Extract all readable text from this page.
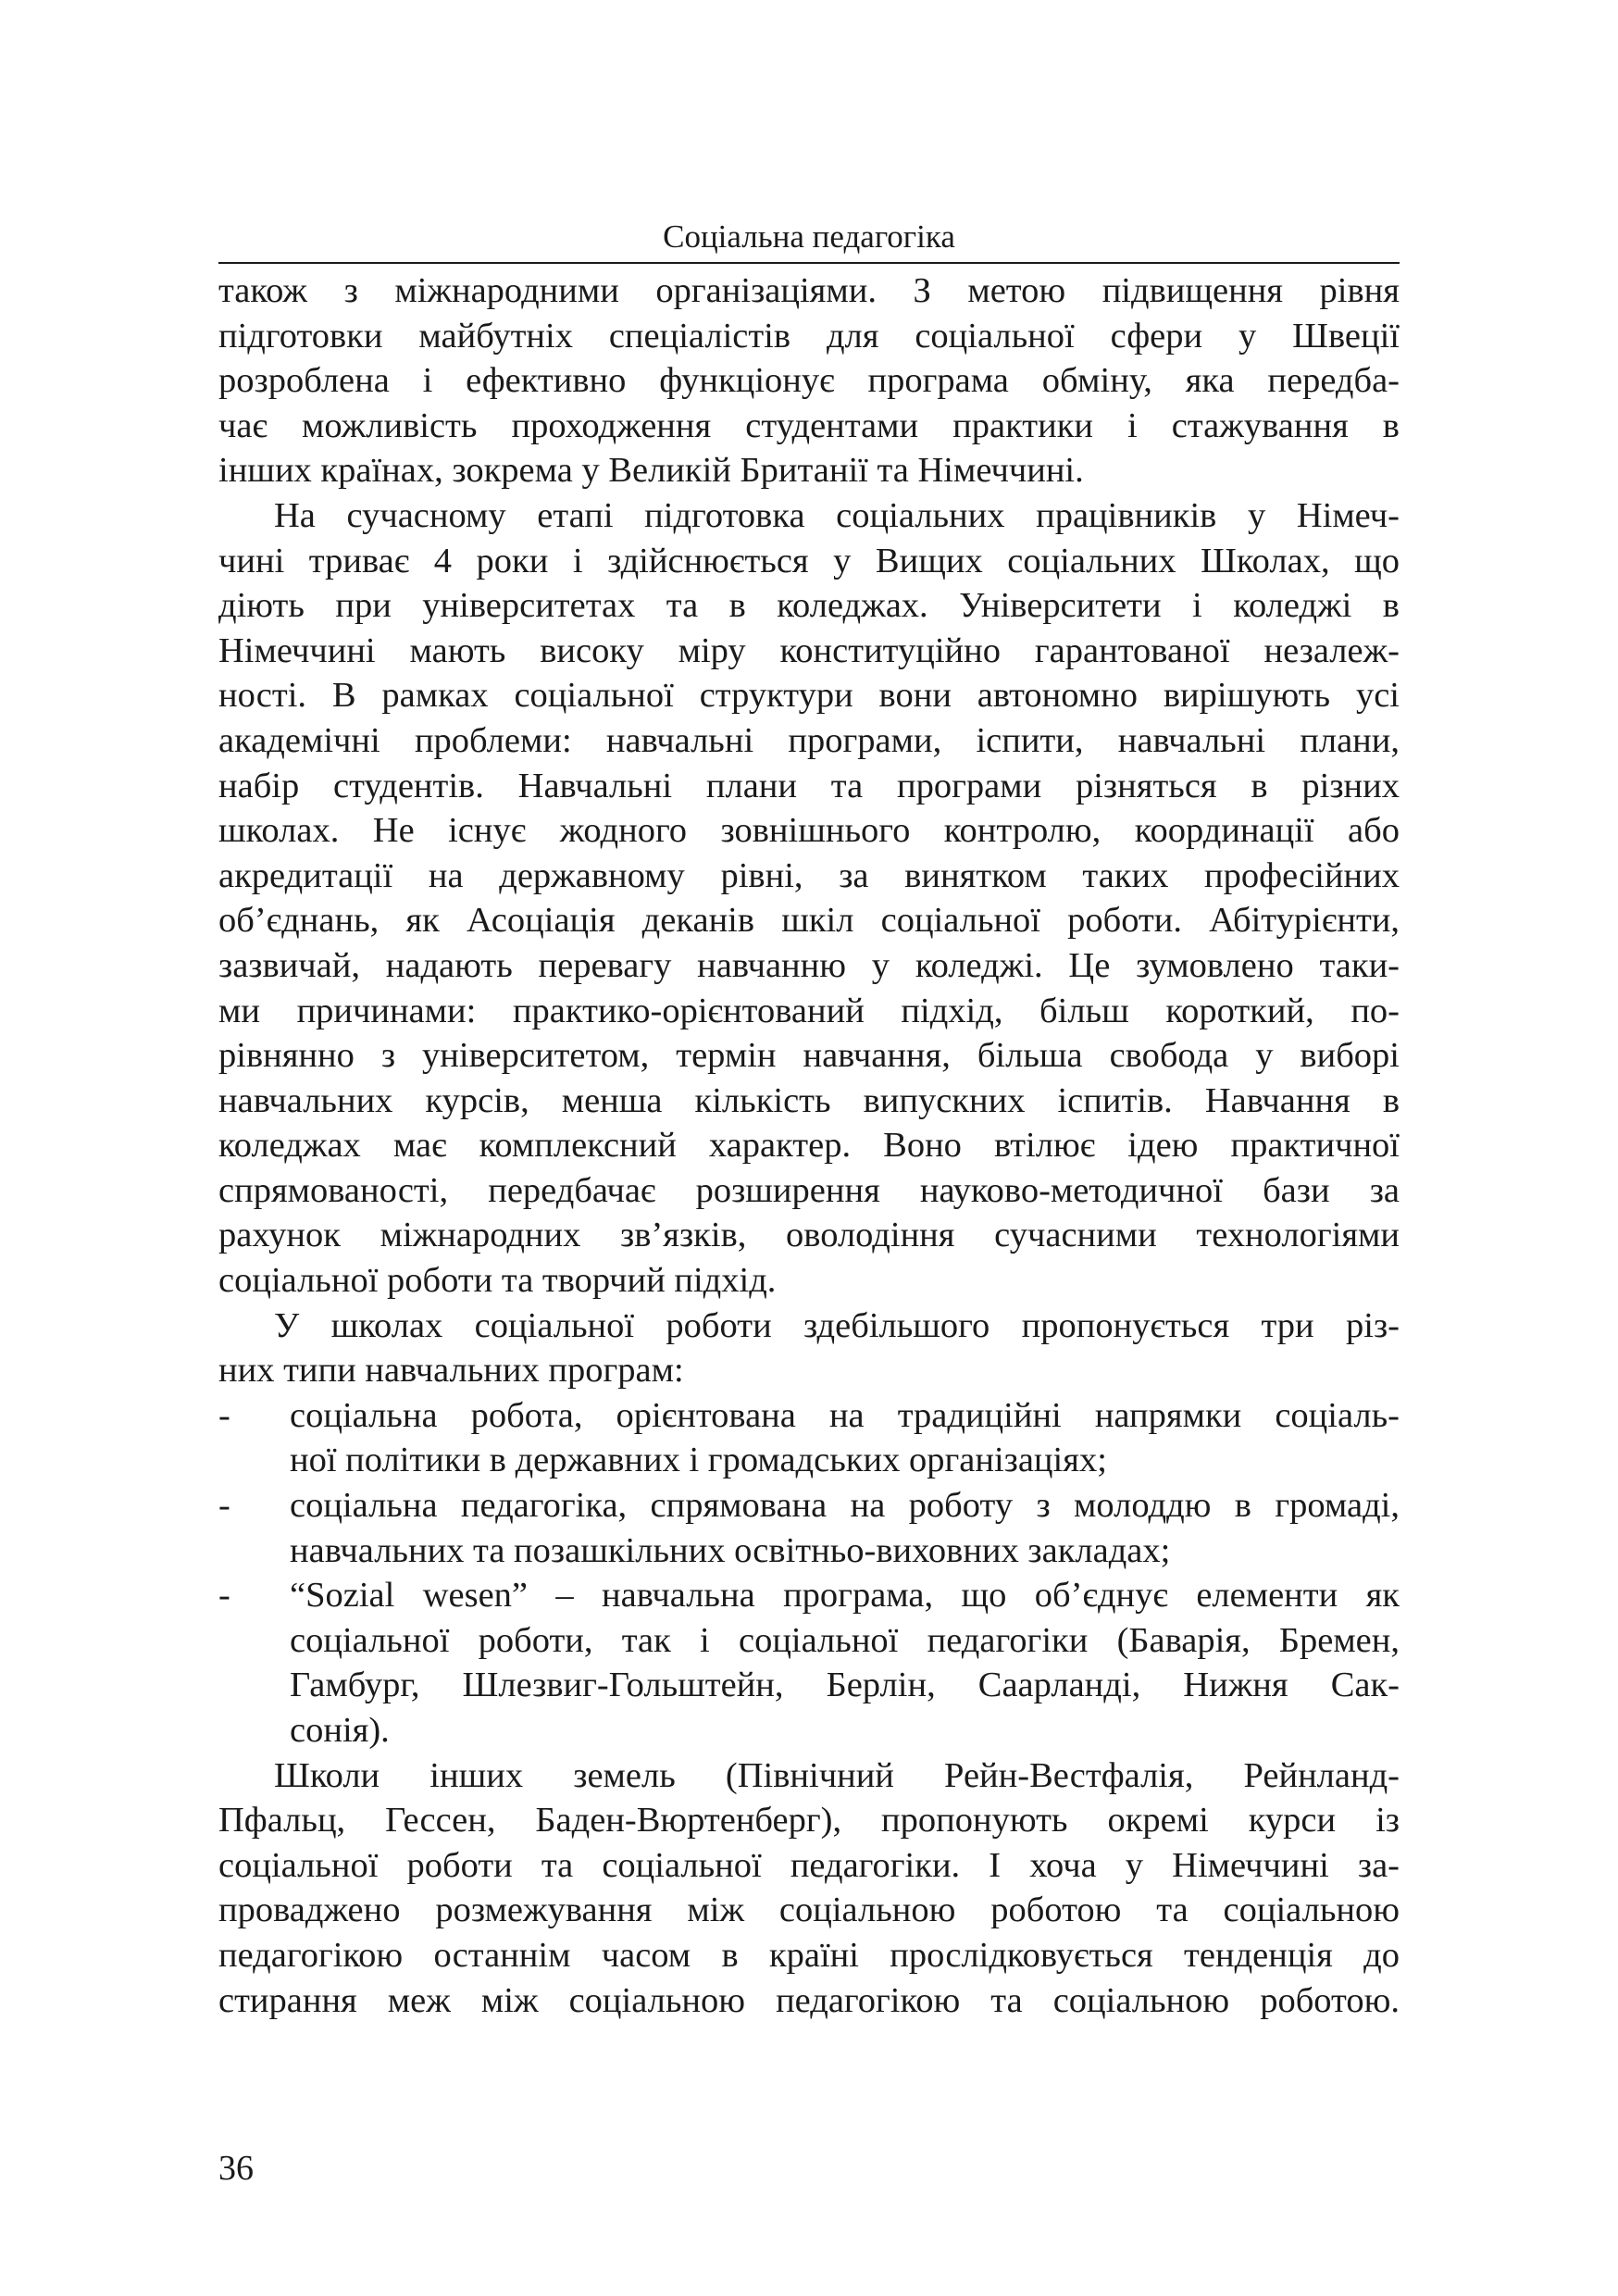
Соціальна педагогіка

також з міжнародними організаціями. З метою підвищення рівня
підготовки майбутніх спеціалістів для соціальної сфери у Швеції
розроблена і ефективно функціонує програма обміну, яка передба-
чає можливість проходження студентами практики і стажування в
інших країнах, зокрема у Великій Британії та Німеччині.

На сучасному етапі підготовка соціальних працівників у Німеч-
чині триває 4 роки і здійснюється у Вищих соціальних Школах, що
діють при університетах та в коледжах. Університети і коледжі в
Німеччині мають високу міру конституційно гарантованої незалеж-
ності. В рамках соціальної структури вони автономно вирішують усі
академічні проблеми: навчальні програми, іспити, навчальні плани,
набір студентів. Навчальні плани та програми різняться в різних
школах. Не існує жодного зовнішнього контролю, координації або
акредитації на державному рівні, за винятком таких професійних
об’єднань, як Асоціація деканів шкіл соціальної роботи. Абітурієнти,
зазвичай, надають перевагу навчанню у коледжі. Це зумовлено таки-
ми причинами: практико-орієнтований підхід, більш короткий, по-
рівнянно з університетом, термін навчання, більша свобода у виборі
навчальних курсів, менша кількість випускних іспитів. Навчання в
коледжах має комплексний характер. Воно втілює ідею практичної
спрямованості, передбачає розширення науково-методичної бази за
рахунок міжнародних зв’язків, оволодіння сучасними технологіями
соціальної роботи та творчий підхід.

У школах соціальної роботи здебільшого пропонується три різ-
них типи навчальних програм:

- соціальна робота, орієнтована на традиційні напрямки соціаль-
ної політики в державних і громадських організаціях;
- соціальна педагогіка, спрямована на роботу з молоддю в громаді,
навчальних та позашкільних освітньо-виховних закладах;
- “Sozial wesen” – навчальна програма, що об’єднує елементи як
соціальної роботи, так і соціальної педагогіки (Баварія, Бремен,
Гамбург, Шлезвиг-Гольштейн, Берлін, Саарланді, Нижня Сак-
сонія).

Школи інших земель (Північний Рейн-Вестфалія, Рейнланд-
Пфальц, Гессен, Баден-Вюртенберг), пропонують окремі курси із
соціальної роботи та соціальної педагогіки. І хоча у Німеччині за-
проваджено розмежування між соціальною роботою та соціальною
педагогікою останнім часом в країні прослідковується тенденція до
стирання меж між соціальною педагогікою та соціальною роботою.

36
